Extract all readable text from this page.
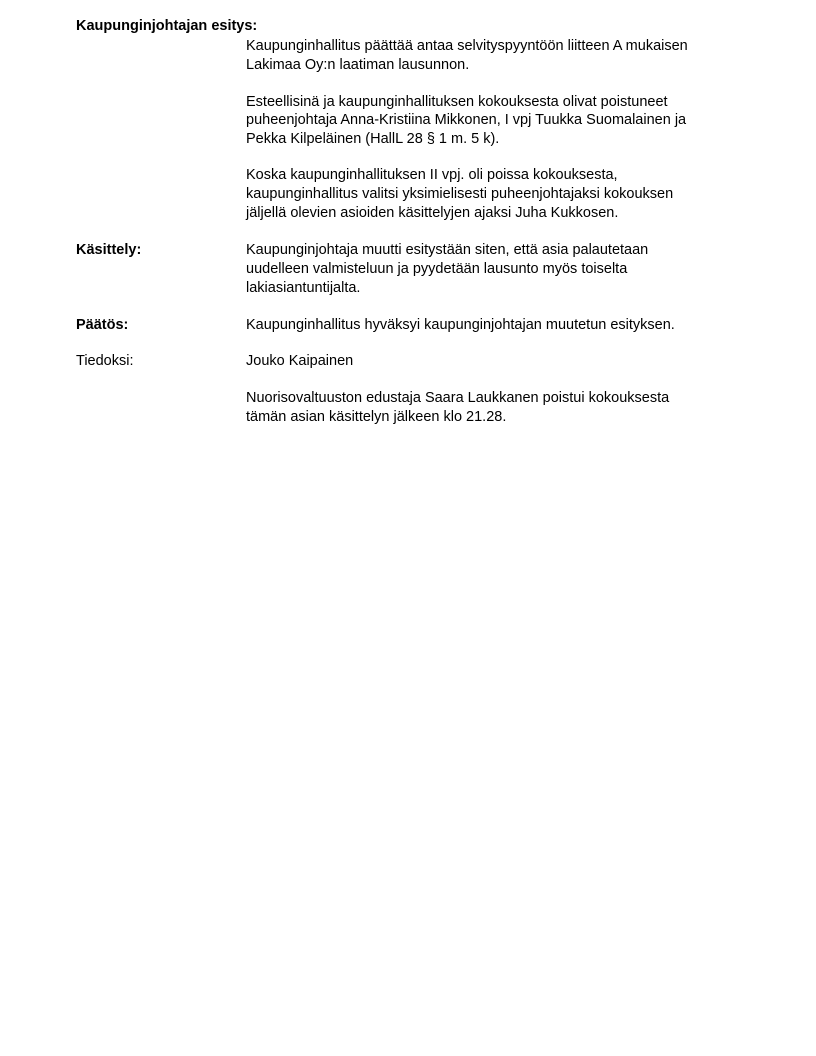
Kaupunginjohtajan esitys:
Kaupunginhallitus päättää antaa selvityspyyntöön liitteen A mukaisen
Lakimaa Oy:n laatiman lausunnon.
Esteellisinä ja kaupunginhallituksen kokouksesta olivat poistuneet
puheenjohtaja Anna-Kristiina Mikkonen, I vpj Tuukka Suomalainen ja
Pekka Kilpeläinen (HallL 28 § 1 m. 5 k).
Koska kaupunginhallituksen II vpj. oli poissa kokouksesta,
kaupunginhallitus valitsi yksimielisesti puheenjohtajaksi kokouksen
jäljellä olevien asioiden käsittelyjen ajaksi Juha Kukkosen.
Käsittely:	Kaupunginjohtaja muutti esitystään siten, että asia palautetaan
uudelleen valmisteluun ja pyydetään lausunto myös toiselta
lakiasiantuntijalta.
Päätös:	Kaupunginhallitus hyväksyi kaupunginjohtajan muutetun esityksen.
Tiedoksi:	Jouko Kaipainen
Nuorisovaltuuston edustaja Saara Laukkanen poistui kokouksesta
tämän asian käsittelyn jälkeen klo 21.28.
